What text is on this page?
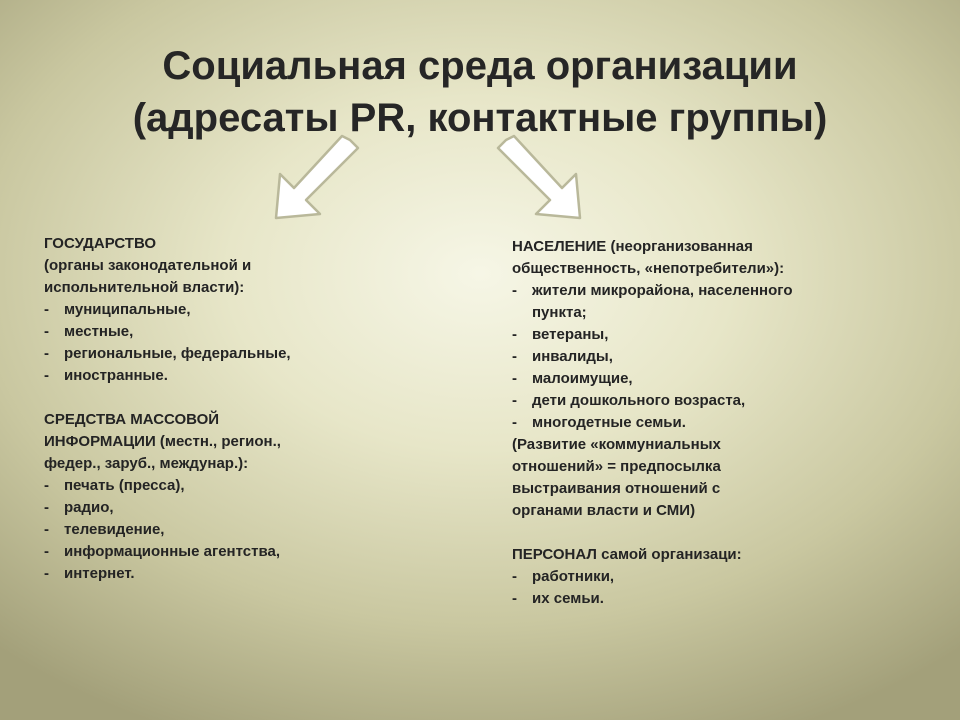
Социальная среда организации
(адресаты PR, контактные группы)
ГОСУДАРСТВО
(органы законодательной и
испольнительной власти):
-	муниципальные,
-	местные,
-	региональные, федеральные,
-	иностранные.
СРЕДСТВА МАССОВОЙ
ИНФОРМАЦИИ (местн., регион.,
федер., заруб., междунар.):
-	печать (пресса),
-	радио,
-	телевидение,
-	информационные агентства,
-	интернет.
НАСЕЛЕНИЕ (неорганизованная
общественность, «непотребители»):
-	жители микрорайона, населенного
пункта;
-	ветераны,
-	инвалиды,
-	малоимущие,
-	дети дошкольного возраста,
-	многодетные семьи.
(Развитие «коммуниальных
отношений» = предпосылка
выстраивания отношений с
органами власти и СМИ)
ПЕРСОНАЛ самой организаци:
-	работники,
-	их семьи.
